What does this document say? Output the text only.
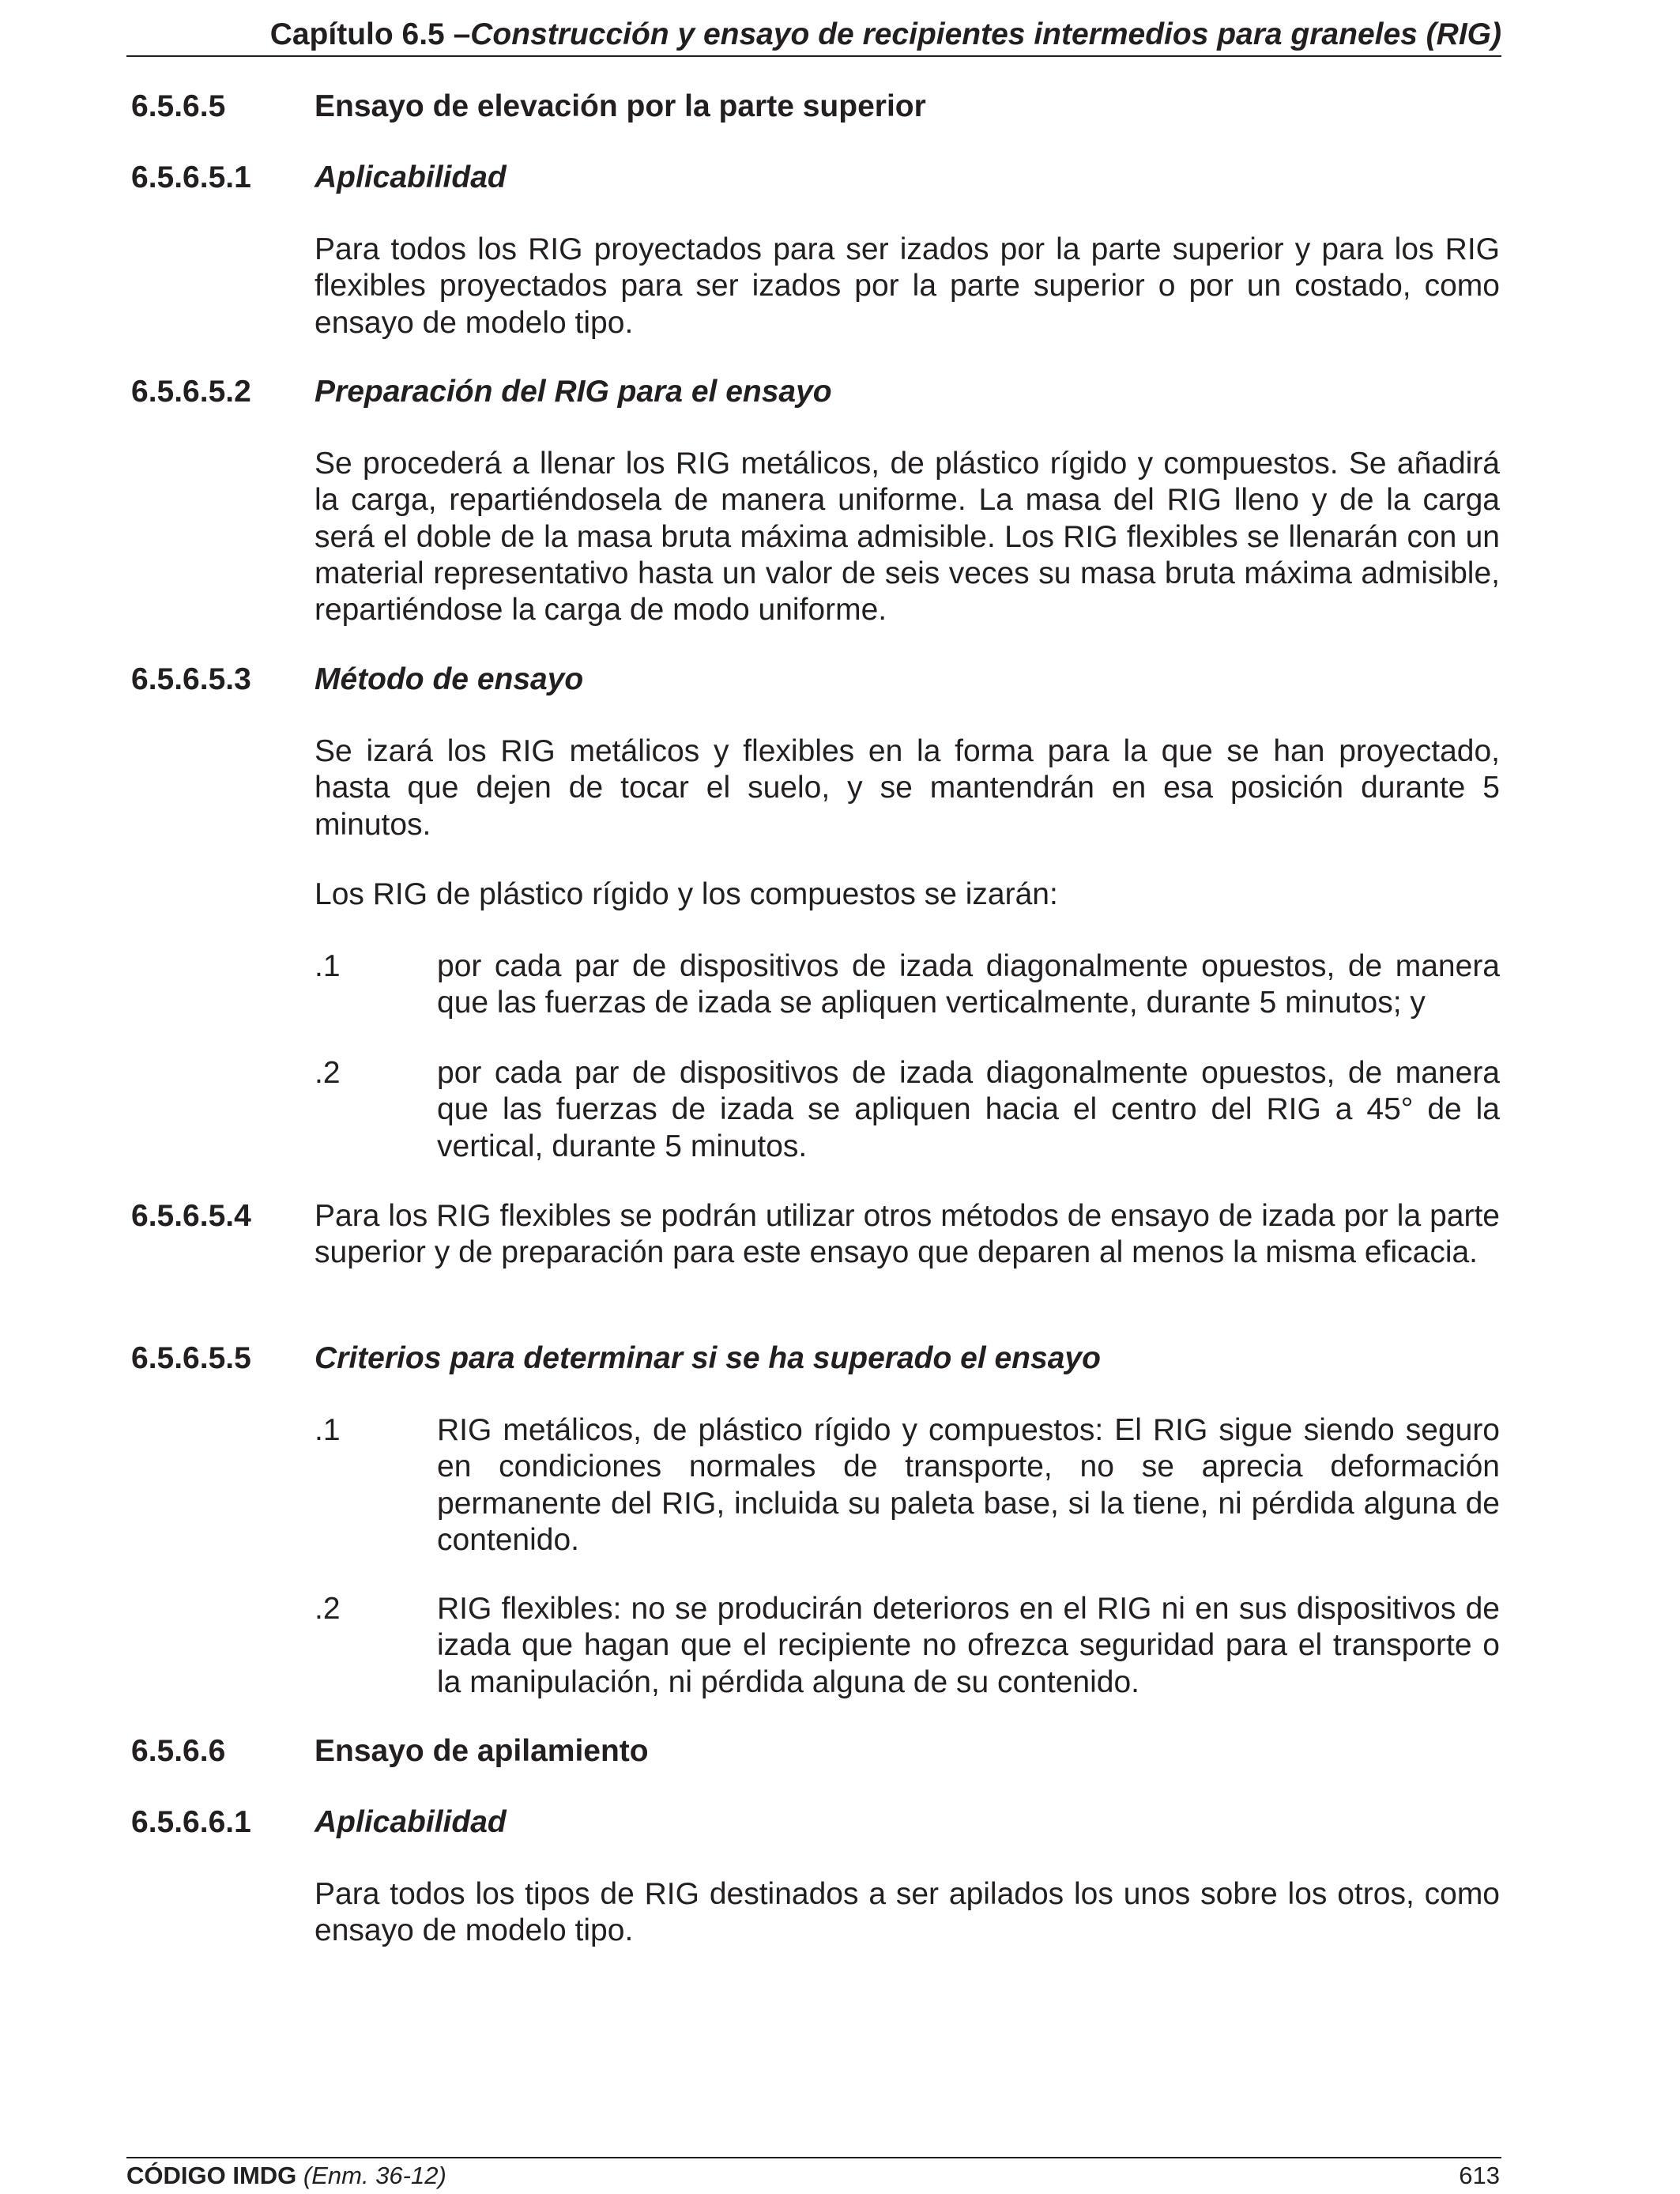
Capítulo 6.5 –Construcción y ensayo de recipientes intermedios para graneles (RIG)
6.5.6.5	Ensayo de elevación por la parte superior
6.5.6.5.1 Aplicabilidad
Para todos los RIG proyectados para ser izados por la parte superior y para los RIG flexibles proyectados para ser izados por la parte superior o por un costado, como ensayo de modelo tipo.
6.5.6.5.2 Preparación del RIG para el ensayo
Se procederá a llenar los RIG metálicos, de plástico rígido y compuestos. Se añadirá la carga, repartiéndosela de manera uniforme. La masa del RIG lleno y de la carga será el doble de la masa bruta máxima admisible. Los RIG flexibles se llenarán con un material representativo hasta un valor de seis veces su masa bruta máxima admisible, repartiéndose la carga de modo uniforme.
6.5.6.5.3 Método de ensayo
Se izará los RIG metálicos y flexibles en la forma para la que se han proyectado, hasta que dejen de tocar el suelo, y se mantendrán en esa posición durante 5 minutos.
Los RIG de plástico rígido y los compuestos se izarán:
.1	por cada par de dispositivos de izada diagonalmente opuestos, de manera que las fuerzas de izada se apliquen verticalmente, durante 5 minutos; y
.2	por cada par de dispositivos de izada diagonalmente opuestos, de manera que las fuerzas de izada se apliquen hacia el centro del RIG a 45° de la vertical, durante 5 minutos.
6.5.6.5.4 Para los RIG flexibles se podrán utilizar otros métodos de ensayo de izada por la parte superior y de preparación para este ensayo que deparen al menos la misma eficacia.
6.5.6.5.5 Criterios para determinar si se ha superado el ensayo
.1	RIG metálicos, de plástico rígido y compuestos: El RIG sigue siendo seguro en condiciones normales de transporte, no se aprecia deformación permanente del RIG, incluida su paleta base, si la tiene, ni pérdida alguna de contenido.
.2	RIG flexibles: no se producirán deterioros en el RIG ni en sus dispositivos de izada que hagan que el recipiente no ofrezca seguridad para el transporte o la manipulación, ni pérdida alguna de su contenido.
6.5.6.6	Ensayo de apilamiento
6.5.6.6.1 Aplicabilidad
Para todos los tipos de RIG destinados a ser apilados los unos sobre los otros, como ensayo de modelo tipo.
CÓDIGO IMDG (Enm. 36-12)	613
